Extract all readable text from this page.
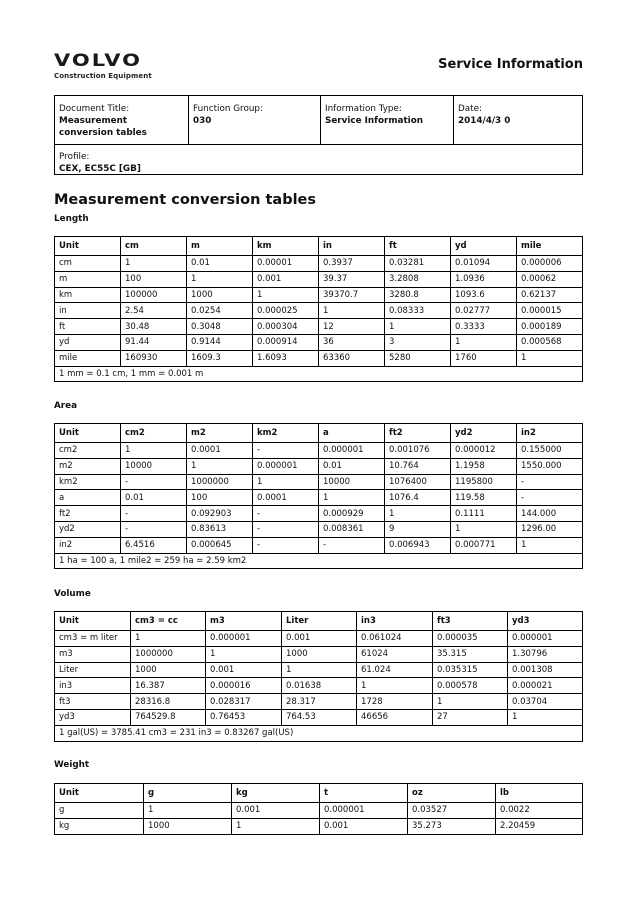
VOLVO
Construction Equipment
Service Information
Document Title:
Measurement conversion tables
Function Group:
030
Information Type:
Service Information
Date:
2014/4/3 0
Profile:
CEX, EC55C [GB]
Measurement conversion tables
Length
Unit	cm	m	km	in	ft	yd	mile
cm	1	0.01	0.00001	0.3937	0.03281	0.01094	0.000006
m	100	1	0.001	39.37	3.2808	1.0936	0.00062
km	100000	1000	1	39370.7	3280.8	1093.6	0.62137
in	2.54	0.0254	0.000025	1	0.08333	0.02777	0.000015
ft	30.48	0.3048	0.000304	12	1	0.3333	0.000189
yd	91.44	0.9144	0.000914	36	3	1	0.000568
mile	160930	1609.3	1.6093	63360	5280	1760	1
1 mm = 0.1 cm, 1 mm = 0.001 m							
Area
Unit	cm2	m2	km2	a	ft2	yd2	in2
cm2	1	0.0001	-	0.000001	0.001076	0.000012	0.155000
m2	10000	1	0.000001	0.01	10.764	1.1958	1550.000
km2	-	1000000	1	10000	1076400	1195800	-
a	0.01	100	0.0001	1	1076.4	119.58	-
ft2	-	0.092903	-	0.000929	1	0.1111	144.000
yd2	-	0.83613	-	0.008361	9	1	1296.00
in2	6.4516	0.000645	-	-	0.006943	0.000771	1
1 ha = 100 a, 1 mile2 = 259 ha = 2.59 km2							
Volume
Unit	cm3 = cc	m3	Liter	in3	ft3	yd3
cm3 = m liter	1	0.000001	0.001	0.061024	0.000035	0.000001
m3	1000000	1	1000	61024	35.315	1.30796
Liter	1000	0.001	1	61.024	0.035315	0.001308
in3	16.387	0.000016	0.01638	1	0.000578	0.000021
ft3	28316.8	0.028317	28.317	1728	1	0.03704
yd3	764529.8	0.76453	764.53	46656	27	1
1 gal(US) = 3785.41 cm3 = 231 in3 = 0.83267 gal(US)						
Weight
Unit	g	kg	t	oz	lb
g	1	0.001	0.000001	0.03527	0.0022
kg	1000	1	0.001	35.273	2.20459
